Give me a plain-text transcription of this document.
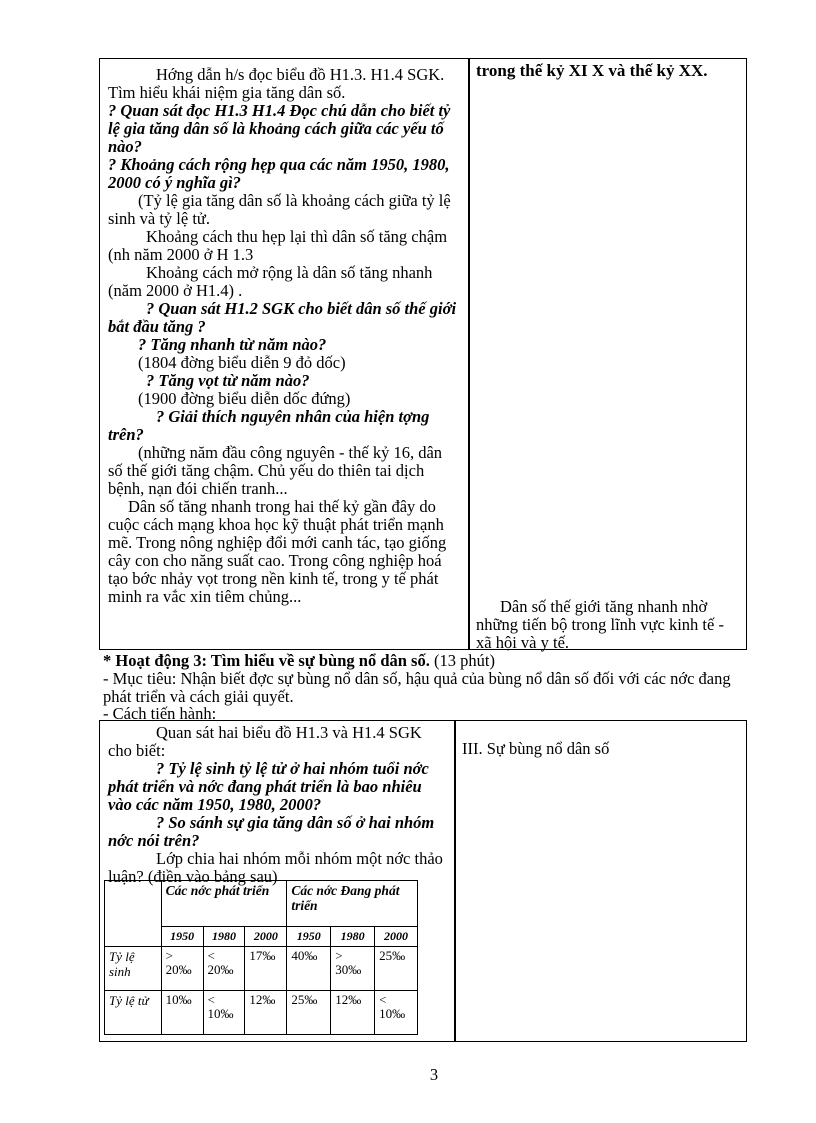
Hớng dẫn h/s đọc biểu đồ H1.3. H1.4 SGK. Tìm hiểu khái niệm gia tăng dân số.

? Quan sát đọc H1.3 H1.4 Đọc chú dẫn cho biết tỷ lệ gia tăng dân số là khoảng cách giữa các yếu tố nào?

? Khoảng cách rộng hẹp qua các năm 1950, 1980, 2000 có ý nghĩa gì?

(Tỷ lệ gia tăng dân số là khoảng cách giữa tỷ lệ sinh và tỷ lệ tử.

Khoảng cách thu hẹp lại thì dân số tăng chậm (nh năm 2000 ở H 1.3

Khoảng cách mở rộng là dân số tăng nhanh (năm 2000 ở H1.4) .

? Quan sát H1.2 SGK cho biết dân số thế giới bắt đầu tăng ?

? Tăng nhanh từ năm nào?

(1804 đờng biểu diễn 9 đỏ dốc)

? Tăng vọt từ năm nào?

(1900 đờng biểu diễn dốc đứng)

? Giải thích nguyên nhân của hiện tợng trên?

(những năm đầu công nguyên - thế kỷ 16, dân số thế giới tăng chậm. Chủ yếu do thiên tai dịch bệnh, nạn đói chiến tranh...

Dân số tăng nhanh trong hai thế kỷ gần đây do cuộc cách mạng khoa học kỹ thuật phát triển mạnh mẽ. Trong nông nghiệp đổi mới canh tác, tạo giống cây con cho năng suất cao. Trong công nghiệp hoá tạo bớc nhảy vọt trong nền kinh tế, trong y tế phát minh ra vắc xin tiêm chủng...

trong thế kỷ XI X và thế kỷ XX.
Dân số thế giới tăng nhanh nhờ những tiến bộ trong lĩnh vực kinh tế - xã hội và y tế.
* Hoạt động 3: Tìm hiểu về sự bùng nổ dân số. (13 phút)
- Mục tiêu: Nhận biết đợc sự bùng nổ dân số, hậu quả của bùng nổ dân số đối với các nớc đang phát triển và cách giải quyết.
- Cách tiến hành:

Quan sát hai biểu đồ H1.3 và H1.4 SGK cho biết:

? Tỷ lệ sinh tỷ lệ tử ở hai nhóm tuổi nớc phát triển và nớc đang phát triển là bao nhiêu vào các năm 1950, 1980, 2000?

? So sánh sự gia tăng dân số ở hai nhóm nớc nói trên?

Lớp chia hai nhóm mỗi nhóm một nớc thảo luận? (điền vào bảng sau)

III. Sự bùng nổ dân số
	Các nớc phát triển			Các nớc Đang phát triển		
	1950	1980	2000	1950	1980	2000
Tỷ lệ sinh	> 20‰	< 20‰	17‰	40‰	> 30‰	25‰
Tỷ lệ tử	10‰	< 10‰	12‰	25‰	12‰	< 10‰
3
